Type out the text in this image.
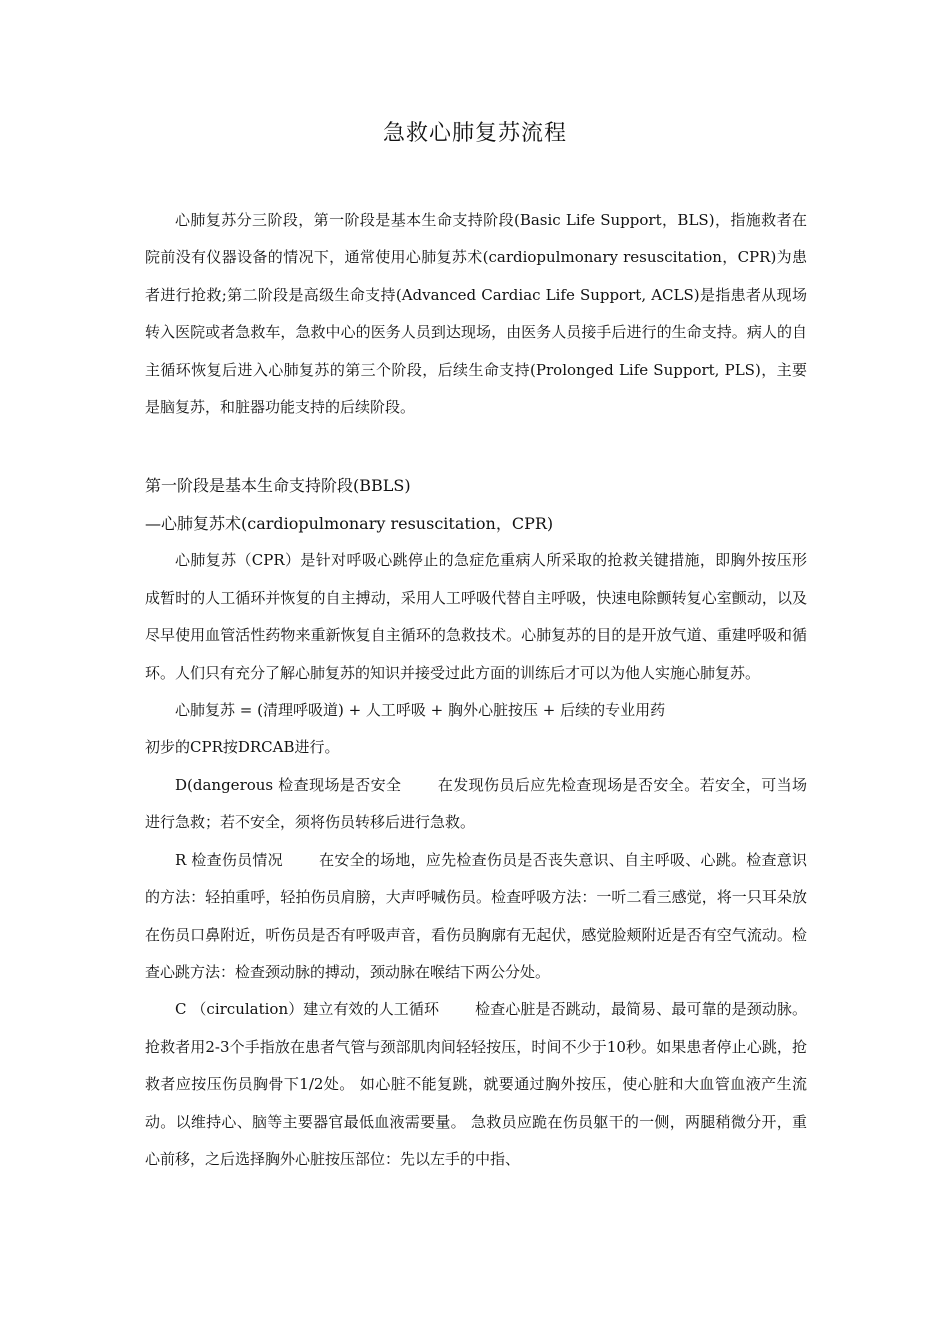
急救心肺复苏流程

心肺复苏分三阶段，第一阶段是基本生命支持阶段(Basic Life Support，BLS)，指施救者在院前没有仪器设备的情况下，通常使用心肺复苏术(cardiopulmonary resuscitation，CPR)为患者进行抢救;第二阶段是高级生命支持(Advanced Cardiac Life Support, ACLS)是指患者从现场转入医院或者急救车，急救中心的医务人员到达现场，由医务人员接手后进行的生命支持。病人的自主循环恢复后进入心肺复苏的第三个阶段，后续生命支持(Prolonged Life Support, PLS)，主要是脑复苏，和脏器功能支持的后续阶段。

第一阶段是基本生命支持阶段(BBLS)

—心肺复苏术(cardiopulmonary resuscitation，CPR)

心肺复苏（CPR）是针对呼吸心跳停止的急症危重病人所采取的抢救关键措施，即胸外按压形成暂时的人工循环并恢复的自主搏动，采用人工呼吸代替自主呼吸，快速电除颤转复心室颤动，以及尽早使用血管活性药物来重新恢复自主循环的急救技术。心肺复苏的目的是开放气道、重建呼吸和循环。人们只有充分了解心肺复苏的知识并接受过此方面的训练后才可以为他人实施心肺复苏。

心肺复苏 = (清理呼吸道) + 人工呼吸 + 胸外心脏按压 + 后续的专业用药

初步的CPR按DRCAB进行。

D(dangerous 检查现场是否安全 在发现伤员后应先检查现场是否安全。若安全，可当场进行急救；若不安全，须将伤员转移后进行急救。

R 检查伤员情况 在安全的场地，应先检查伤员是否丧失意识、自主呼吸、心跳。检查意识的方法：轻拍重呼，轻拍伤员肩膀，大声呼喊伤员。检查呼吸方法：一听二看三感觉，将一只耳朵放在伤员口鼻附近，听伤员是否有呼吸声音，看伤员胸廓有无起伏，感觉脸颊附近是否有空气流动。检查心跳方法：检查颈动脉的搏动，颈动脉在喉结下两公分处。

C （circulation）建立有效的人工循环 检查心脏是否跳动，最简易、最可靠的是颈动脉。抢救者用2-3个手指放在患者气管与颈部肌肉间轻轻按压，时间不少于10秒。如果患者停止心跳，抢救者应按压伤员胸骨下1/2处。 如心脏不能复跳，就要通过胸外按压，使心脏和大血管血液产生流动。以维持心、脑等主要器官最低血液需要量。 急救员应跪在伤员躯干的一侧，两腿稍微分开，重心前移，之后选择胸外心脏按压部位：先以左手的中指、
